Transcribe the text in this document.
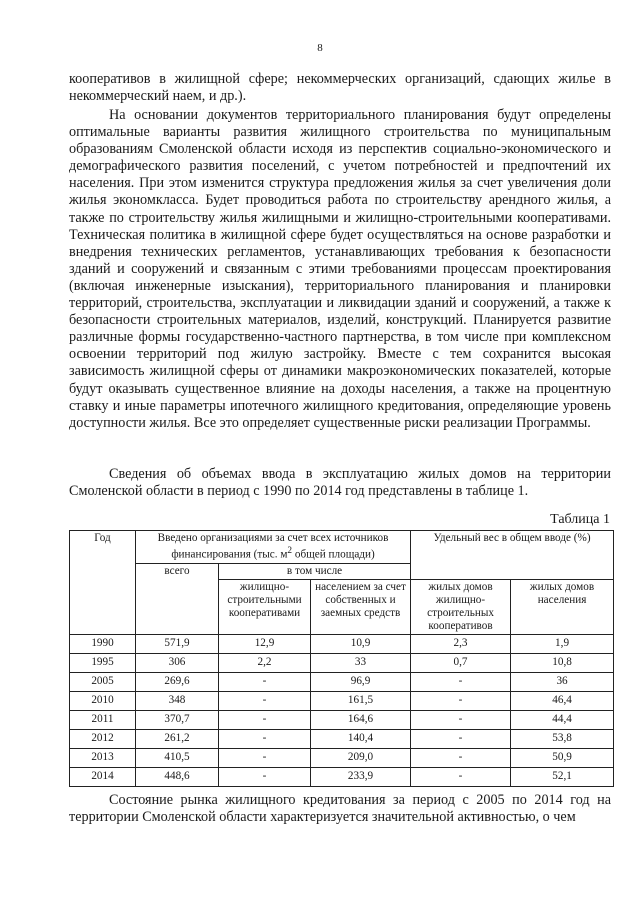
8

кооперативов в жилищной сфере; некоммерческих организаций, сдающих жилье в некоммерческий наем, и др.).

На основании документов территориального планирования будут определены оптимальные варианты развития жилищного строительства по муниципальным образованиям Смоленской области исходя из перспектив социально-экономического и демографического развития поселений, с учетом потребностей и предпочтений их населения. При этом изменится структура предложения жилья за счет увеличения доли жилья экономкласса. Будет проводиться работа по строительству арендного жилья, а также по строительству жилья жилищными и жилищно-строительными кооперативами. Техническая политика в жилищной сфере будет осуществляться на основе разработки и внедрения технических регламентов, устанавливающих требования к безопасности зданий и сооружений и связанным с этими требованиями процессам проектирования (включая инженерные изыскания), территориального планирования и планировки территорий, строительства, эксплуатации и ликвидации зданий и сооружений, а также к безопасности строительных материалов, изделий, конструкций. Планируется развитие различные формы государственно-частного партнерства, в том числе при комплексном освоении территорий под жилую застройку. Вместе с тем сохранится высокая зависимость жилищной сферы от динамики макроэкономических показателей, которые будут оказывать существенное влияние на доходы населения, а также на процентную ставку и иные параметры ипотечного жилищного кредитования, определяющие уровень доступности жилья. Все это определяет существенные риски реализации Программы.

Сведения об объемах ввода в эксплуатацию жилых домов на территории Смоленской области в период с 1990 по 2014 год представлены в таблице 1.

Таблица 1
Год	Введено организациями за счет всех источников финансирования (тыс. $м^2$ общей площади)			Удельный вес в общем вводе (%)	
	всего	в том числе			
		жилищно-строительными кооперативами	населением за счет собственных и заемных средств	жилых домов жилищно-строительных кооперативов	жилых домов населения
1990	571,9	12,9	10,9	2,3	1,9
1995	306	2,2	33	0,7	10,8
2005	269,6	-	96,9	-	36
2010	348	-	161,5	-	46,4
2011	370,7	-	164,6	-	44,4
2012	261,2	-	140,4	-	53,8
2013	410,5	-	209,0	-	50,9
2014	448,6	-	233,9	-	52,1

Состояние рынка жилищного кредитования за период с 2005 по 2014 год на территории Смоленской области характеризуется значительной активностью, о чем
